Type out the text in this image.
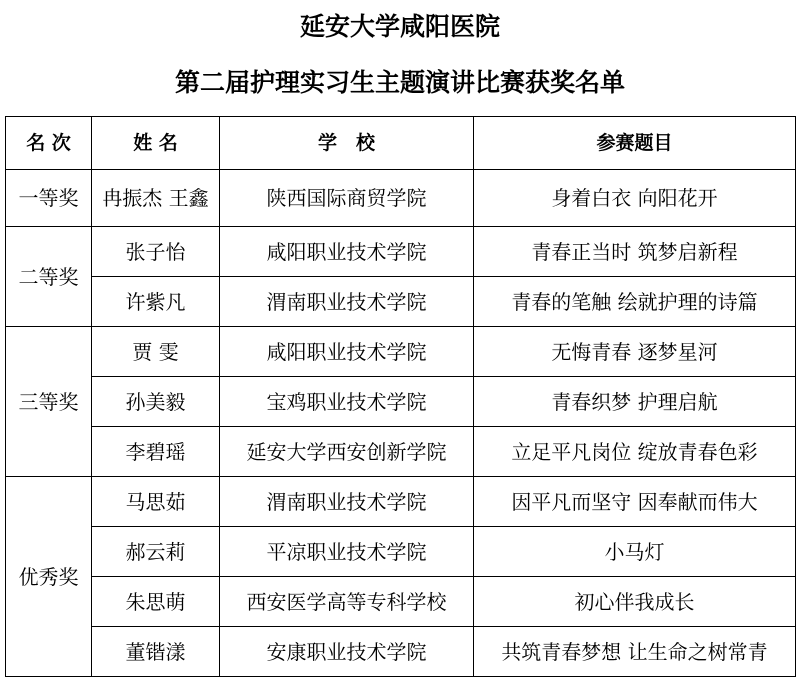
延安大学咸阳医院
第二届护理实习生主题演讲比赛获奖名单
名 次	姓 名	学　校	参赛题目
一等奖	冉振杰 王鑫	陕西国际商贸学院	身着白衣 向阳花开
二等奖	张子怡	咸阳职业技术学院	青春正当时 筑梦启新程
	许紫凡	渭南职业技术学院	青春的笔触 绘就护理的诗篇
三等奖	贾 雯	咸阳职业技术学院	无悔青春 逐梦星河
	孙美毅	宝鸡职业技术学院	青春织梦 护理启航
	李碧瑶	延安大学西安创新学院	立足平凡岗位 绽放青春色彩
优秀奖	马思茹	渭南职业技术学院	因平凡而坚守 因奉献而伟大
	郝云莉	平凉职业技术学院	小马灯
	朱思萌	西安医学高等专科学校	初心伴我成长
	董锴漾	安康职业技术学院	共筑青春梦想 让生命之树常青
